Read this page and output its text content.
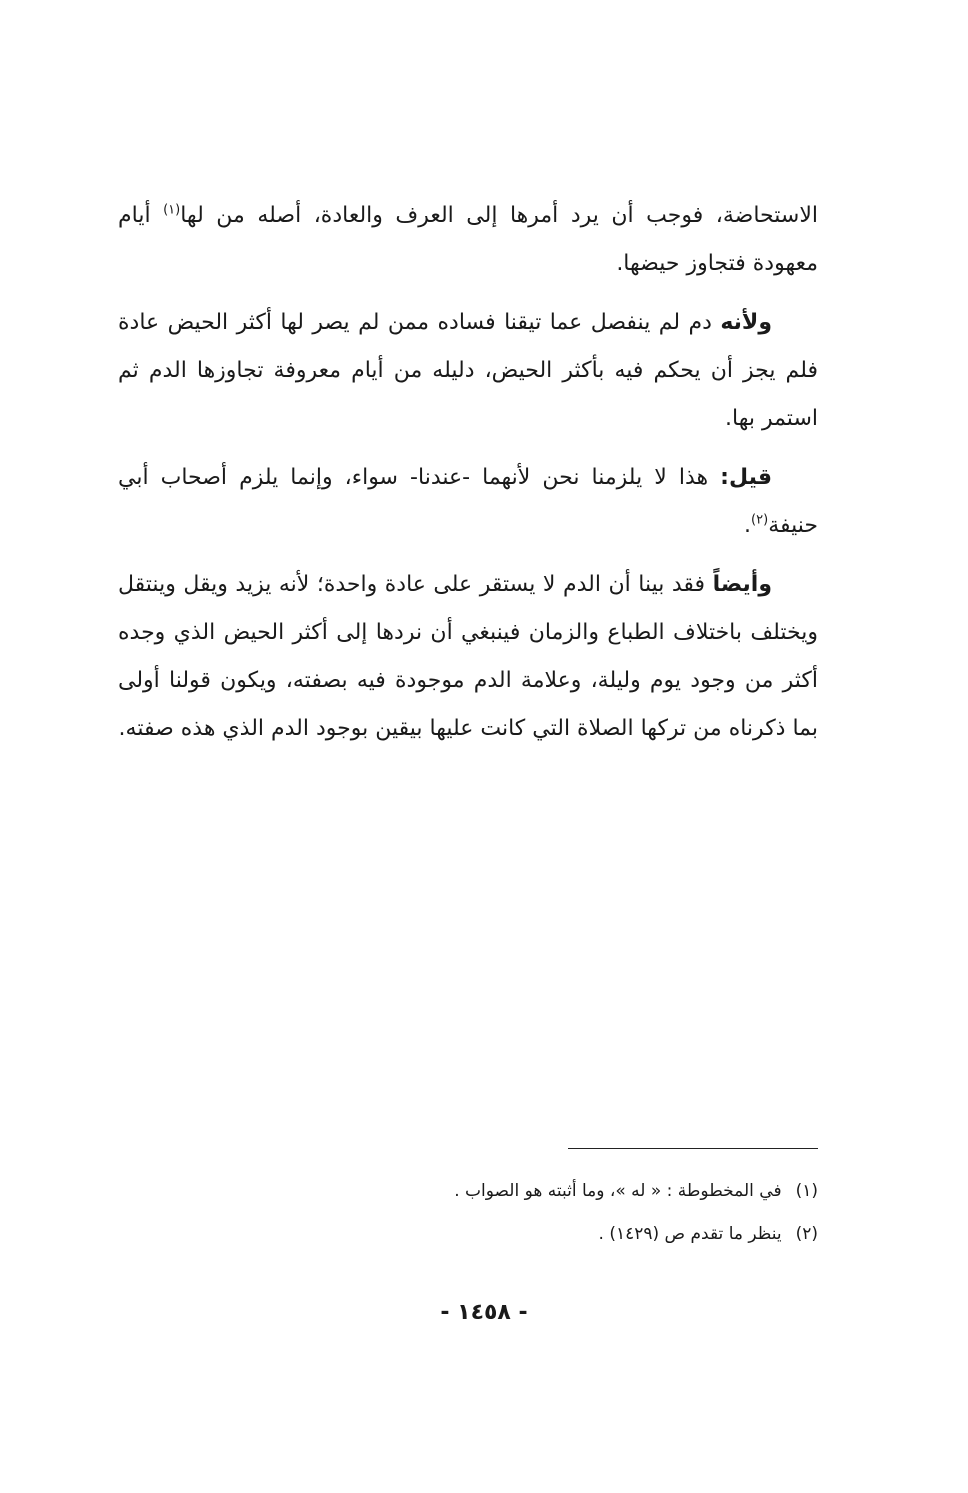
الاستحاضة، فوجب أن يرد أمرها إلى العرف والعادة، أصله من لها$^{(١)}$ أيام معهودة فتجاوز حيضها.

ولأنه دم لم ينفصل عما تيقنا فساده ممن لم يصر لها أكثر الحيض عادة فلم يجز أن يحكم فيه بأكثر الحيض، دليله من أيام معروفة تجاوزها الدم ثم استمر بها.

قيل: هذا لا يلزمنا نحن لأنهما -عندنا- سواء، وإنما يلزم أصحاب أبي حنيفة$^{(٢)}$.

وأيضاً فقد بينا أن الدم لا يستقر على عادة واحدة؛ لأنه يزيد ويقل وينتقل ويختلف باختلاف الطباع والزمان فينبغي أن نردها إلى أكثر الحيض الذي وجده أكثر من وجود يوم وليلة، وعلامة الدم موجودة فيه بصفته، ويكون قولنا أولى بما ذكرناه من تركها الصلاة التي كانت عليها بيقين بوجود الدم الذي هذه صفته.

(١)في المخطوطة : « له »، وما أثبته هو الصواب .
(٢)ينظر ما تقدم ص (١٤٢٩) .
- ١٤٥٨ -
